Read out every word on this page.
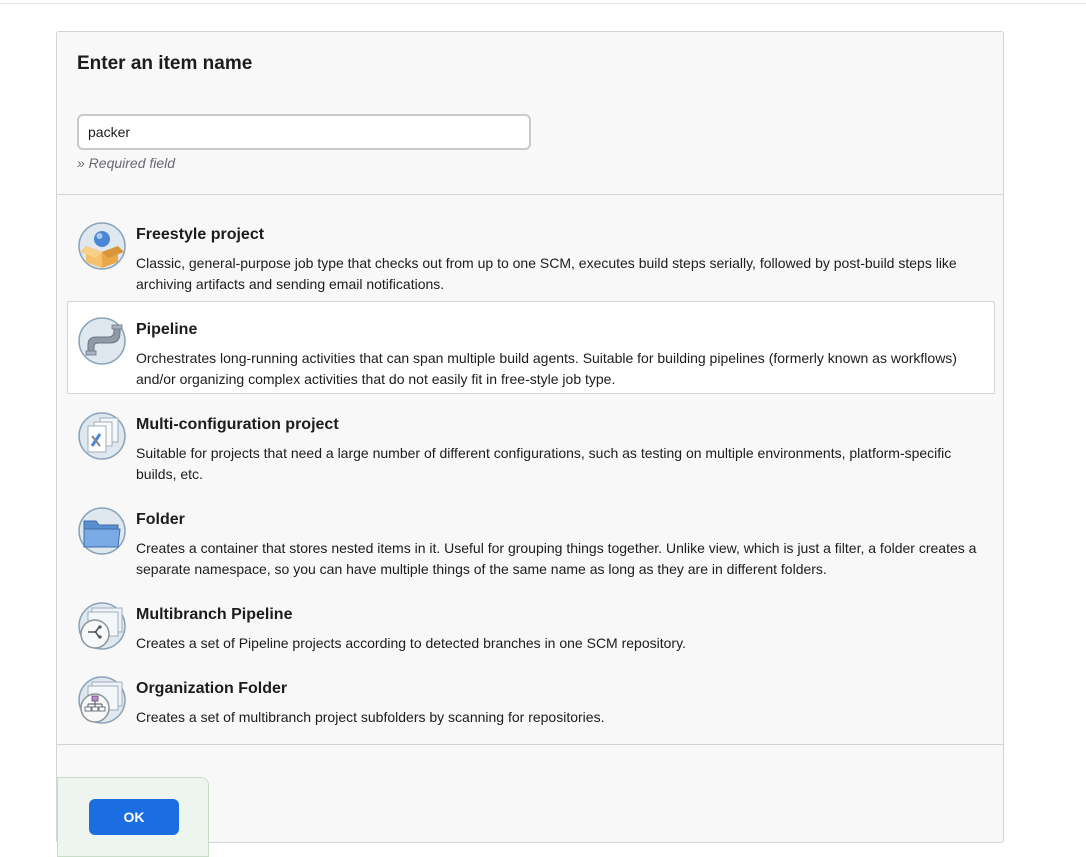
Enter an item name
packer
» Required field
Freestyle project
Classic, general-purpose job type that checks out from up to one SCM, executes build steps serially, followed by post-build steps like archiving artifacts and sending email notifications.
Pipeline
Orchestrates long-running activities that can span multiple build agents. Suitable for building pipelines (formerly known as workflows) and/or organizing complex activities that do not easily fit in free-style job type.
Multi-configuration project
Suitable for projects that need a large number of different configurations, such as testing on multiple environments, platform-specific builds, etc.
Folder
Creates a container that stores nested items in it. Useful for grouping things together. Unlike view, which is just a filter, a folder creates a separate namespace, so you can have multiple things of the same name as long as they are in different folders.
Multibranch Pipeline
Creates a set of Pipeline projects according to detected branches in one SCM repository.
Organization Folder
Creates a set of multibranch project subfolders by scanning for repositories.
OK
